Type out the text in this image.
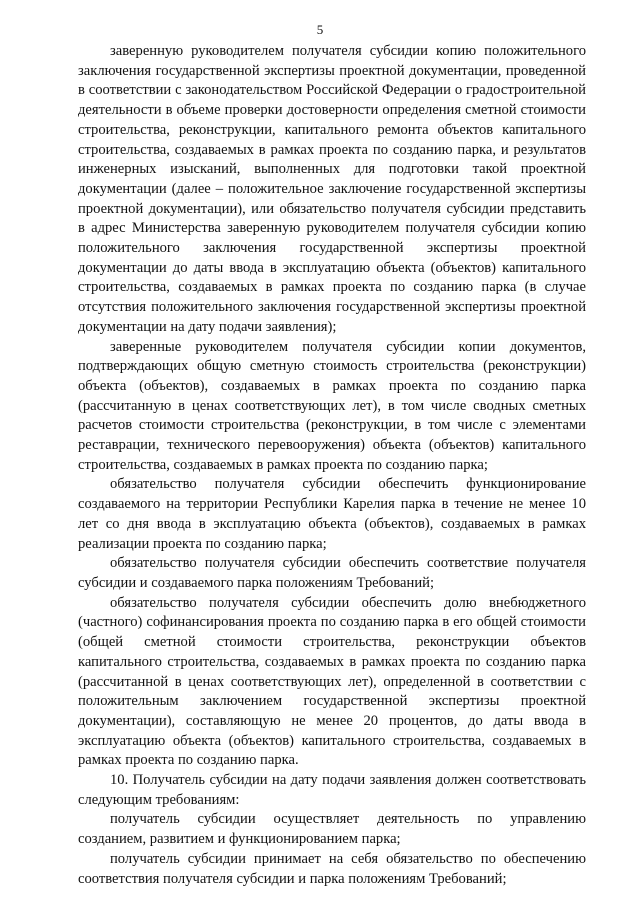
5

заверенную руководителем получателя субсидии копию положительного заключения государственной экспертизы проектной документации, проведенной в соответствии с законодательством Российской Федерации о градостроительной деятельности в объеме проверки достоверности определения сметной стоимости строительства, реконструкции, капитального ремонта объектов капитального строительства, создаваемых в рамках проекта по созданию парка, и результатов инженерных изысканий, выполненных для подготовки такой проектной документации (далее – положительное заключение государственной экспертизы проектной документации), или обязательство получателя субсидии представить в адрес Министерства заверенную руководителем получателя субсидии копию положительного заключения государственной экспертизы проектной документации до даты ввода в эксплуатацию объекта (объектов) капитального строительства, создаваемых в рамках проекта по созданию парка (в случае отсутствия положительного заключения государственной экспертизы проектной документации на дату подачи заявления);

заверенные руководителем получателя субсидии копии документов, подтверждающих общую сметную стоимость строительства (реконструкции) объекта (объектов), создаваемых в рамках проекта по созданию парка (рассчитанную в ценах соответствующих лет), в том числе сводных сметных расчетов стоимости строительства (реконструкции, в том числе с элементами реставрации, технического перевооружения) объекта (объектов) капитального строительства, создаваемых в рамках проекта по созданию парка;

обязательство получателя субсидии обеспечить функционирование создаваемого на территории Республики Карелия парка в течение не менее 10 лет со дня ввода в эксплуатацию объекта (объектов), создаваемых в рамках реализации проекта по созданию парка;

обязательство получателя субсидии обеспечить соответствие получателя субсидии и создаваемого парка положениям Требований;

обязательство получателя субсидии обеспечить долю внебюджетного (частного) софинансирования проекта по созданию парка в его общей стоимости (общей сметной стоимости строительства, реконструкции объектов капитального строительства, создаваемых в рамках проекта по созданию парка (рассчитанной в ценах соответствующих лет), определенной в соответствии с положительным заключением государственной экспертизы проектной документации), составляющую не менее 20 процентов, до даты ввода в эксплуатацию объекта (объектов) капитального строительства, создаваемых в рамках проекта по созданию парка.

10. Получатель субсидии на дату подачи заявления должен соответствовать следующим требованиям:

получатель субсидии осуществляет деятельность по управлению созданием, развитием и функционированием парка;

получатель субсидии принимает на себя обязательство по обеспечению соответствия получателя субсидии и парка положениям Требований;
